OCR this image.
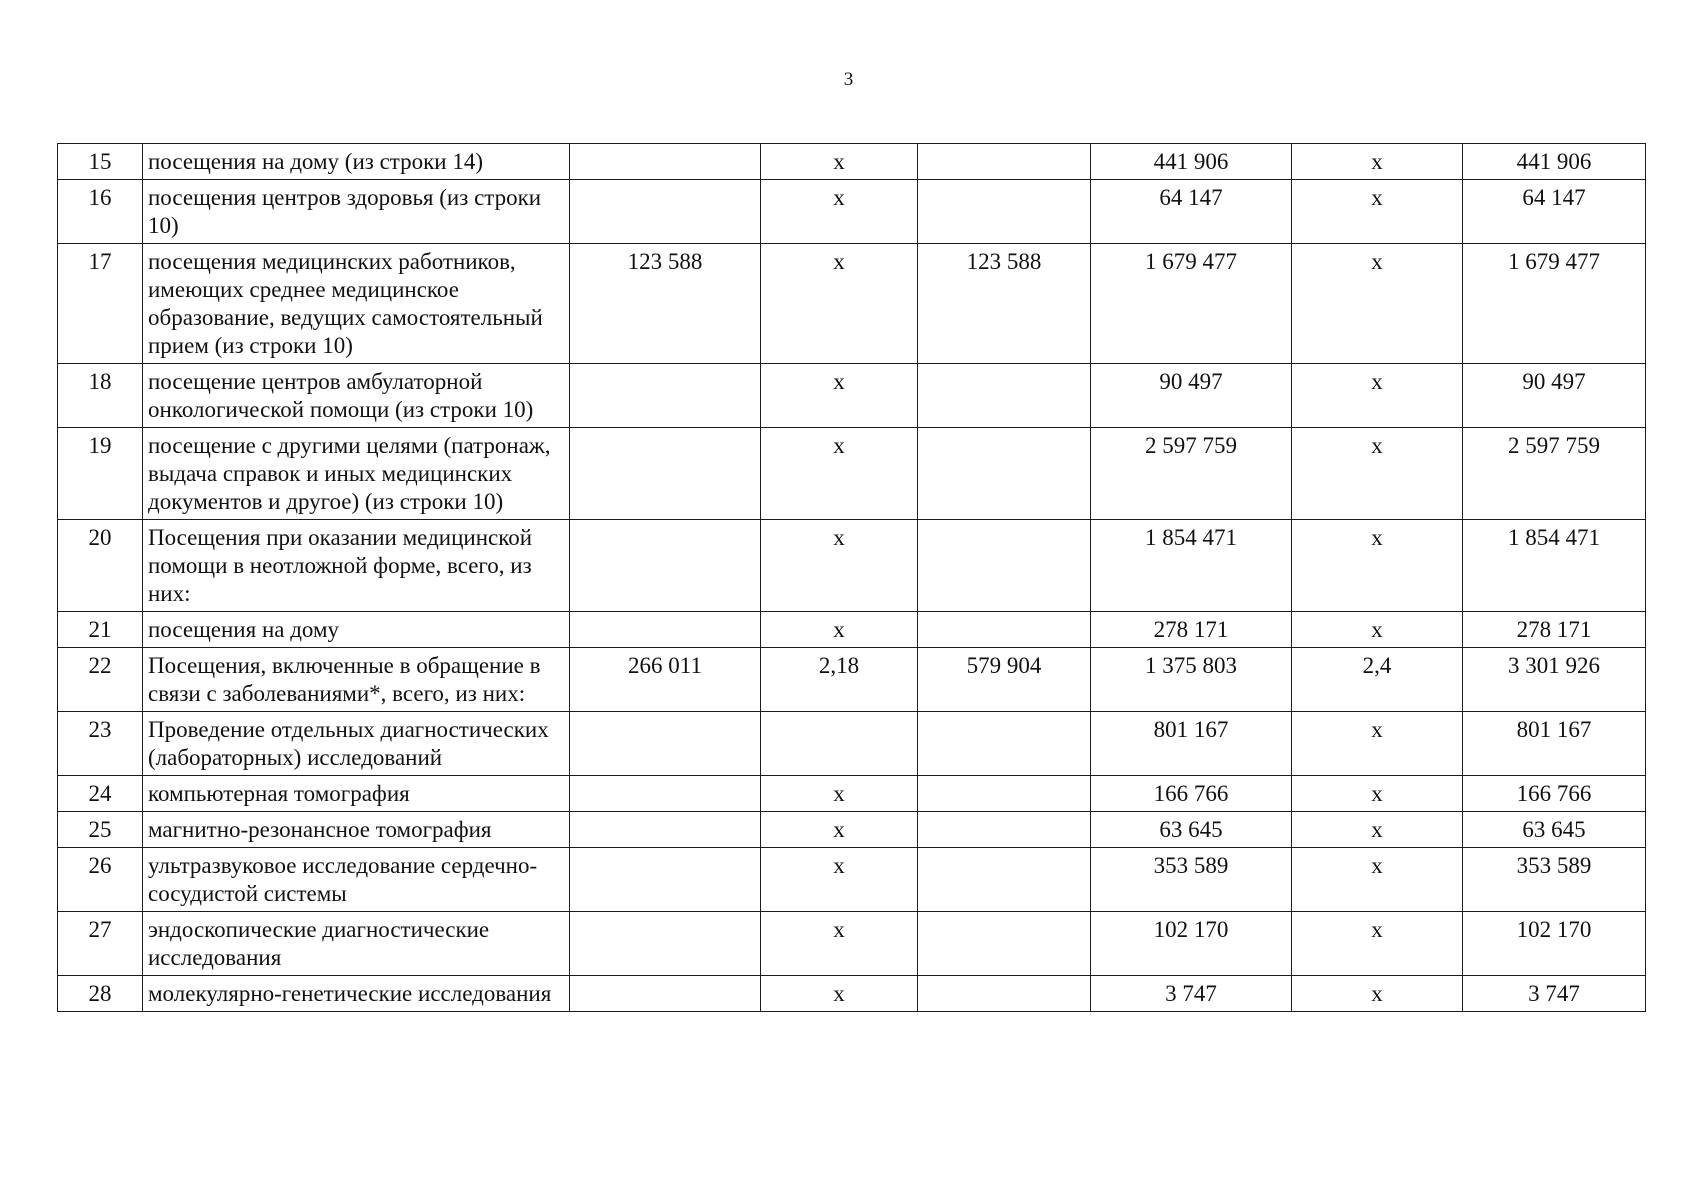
3
15	посещения на дому (из строки 14)		х		441 906	х	441 906
16	посещения центров здоровья (из строки 10)		х		64 147	х	64 147
17	посещения медицинских работников, имеющих среднее медицинское образование, ведущих самостоятельный прием (из строки 10)	123 588	х	123 588	1 679 477	х	1 679 477
18	посещение центров амбулаторной онкологической помощи (из строки 10)		х		90 497	х	90 497
19	посещение с другими целями (патронаж, выдача справок и иных медицинских документов и другое) (из строки 10)		х		2 597 759	х	2 597 759
20	Посещения при оказании медицинской помощи в неотложной форме, всего, из них:		х		1 854 471	х	1 854 471
21	посещения на дому		х		278 171	х	278 171
22	Посещения, включенные в обращение в связи с заболеваниями*, всего, из них:	266 011	2,18	579 904	1 375 803	2,4	3 301 926
23	Проведение отдельных диагностических (лабораторных) исследований				801 167	х	801 167
24	компьютерная томография		х		166 766	х	166 766
25	магнитно-резонансное томография		х		63 645	х	63 645
26	ультразвуковое исследование сердечно-сосудистой системы		х		353 589	х	353 589
27	эндоскопические диагностические исследования		х		102 170	х	102 170
28	молекулярно-генетические исследования		х		3 747	х	3 747
